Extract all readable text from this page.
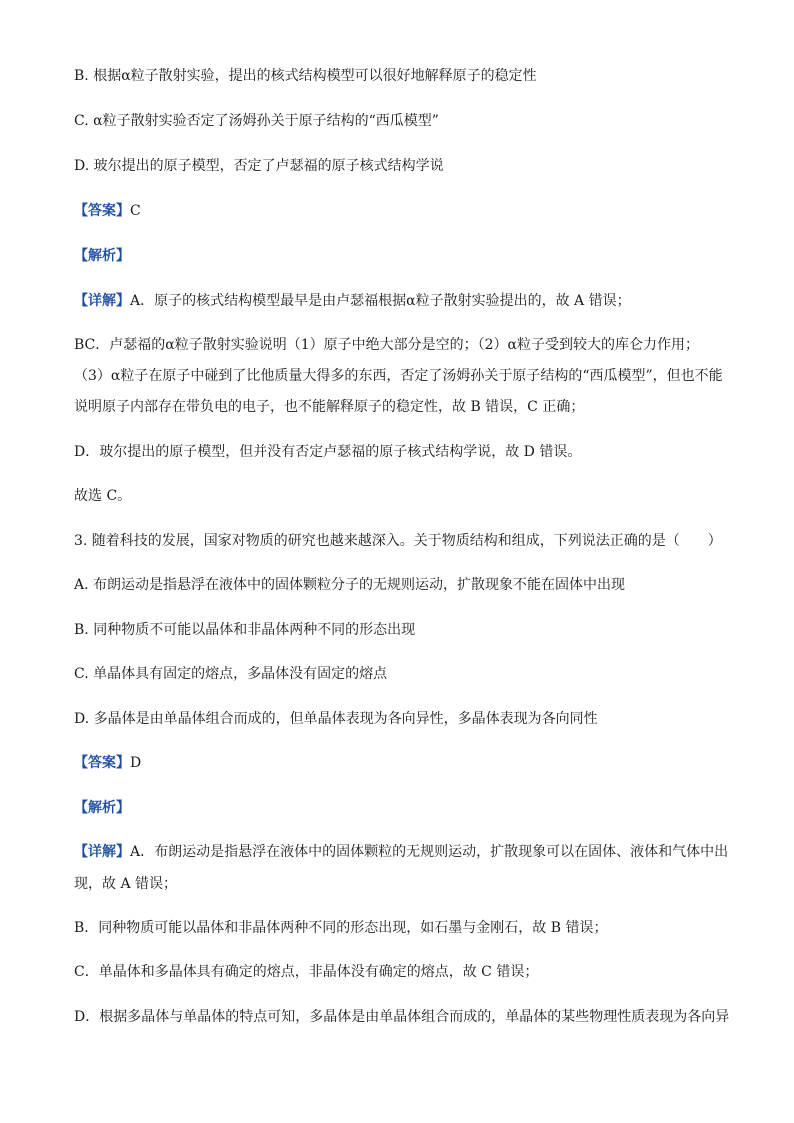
B. 根据α粒子散射实验，提出的核式结构模型可以很好地解释原子的稳定性
C. α粒子散射实验否定了汤姆孙关于原子结构的“西瓜模型”
D. 玻尔提出的原子模型，否定了卢瑟福的原子核式结构学说
【答案】C
【解析】
【详解】A．原子的核式结构模型最早是由卢瑟福根据α粒子散射实验提出的，故 A 错误；
BC．卢瑟福的α粒子散射实验说明（1）原子中绝大部分是空的；（2）α粒子受到较大的库仑力作用；
（3）α粒子在原子中碰到了比他质量大得多的东西，否定了汤姆孙关于原子结构的“西瓜模型”，但也不能
说明原子内部存在带负电的电子，也不能解释原子的稳定性，故 B 错误，C 正确；
D．玻尔提出的原子模型，但并没有否定卢瑟福的原子核式结构学说，故 D 错误。
故选 C。
3. 随着科技的发展，国家对物质的研究也越来越深入。关于物质结构和组成，下列说法正确的是（　　）
A. 布朗运动是指悬浮在液体中的固体颗粒分子的无规则运动，扩散现象不能在固体中出现
B. 同种物质不可能以晶体和非晶体两种不同的形态出现
C. 单晶体具有固定的熔点，多晶体没有固定的熔点
D. 多晶体是由单晶体组合而成的，但单晶体表现为各向异性，多晶体表现为各向同性
【答案】D
【解析】
【详解】A．布朗运动是指悬浮在液体中的固体颗粒的无规则运动，扩散现象可以在固体、液体和气体中出
现，故 A 错误；
B．同种物质可能以晶体和非晶体两种不同的形态出现，如石墨与金刚石，故 B 错误；
C．单晶体和多晶体具有确定的熔点，非晶体没有确定的熔点，故 C 错误；
D．根据多晶体与单晶体的特点可知，多晶体是由单晶体组合而成的，单晶体的某些物理性质表现为各向异
